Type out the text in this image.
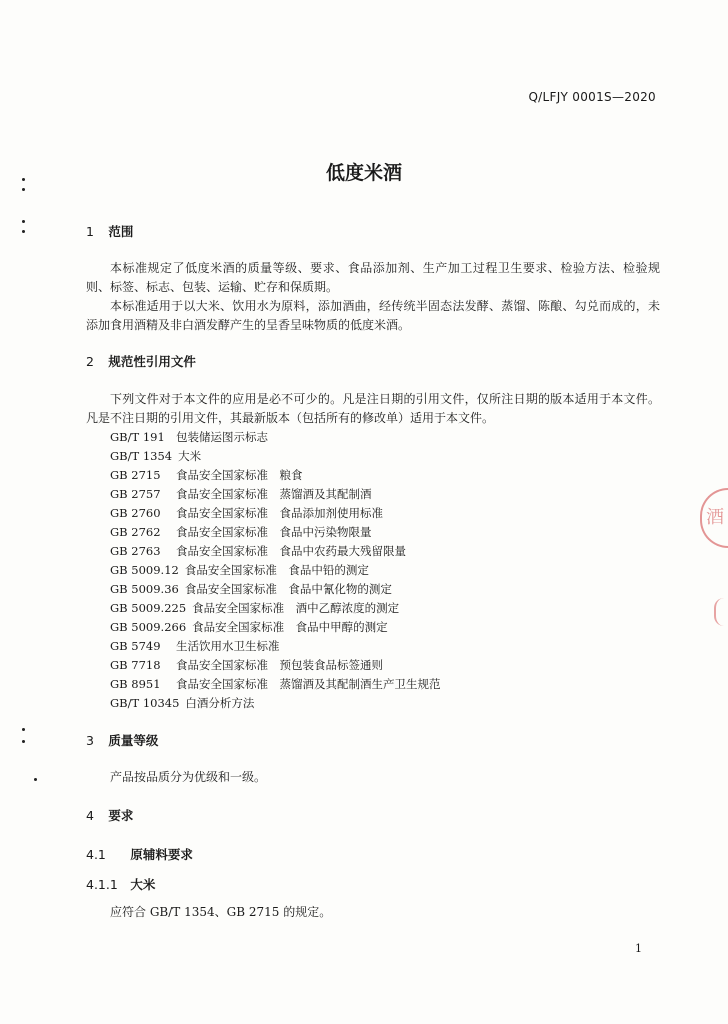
Q/LFJY 0001S—2020
低度米酒
1 范围

本标准规定了低度米酒的质量等级、要求、食品添加剂、生产加工过程卫生要求、检验方法、检验规则、标签、标志、包装、运输、贮存和保质期。

本标准适用于以大米、饮用水为原料，添加酒曲，经传统半固态法发酵、蒸馏、陈酿、勾兑而成的，未添加食用酒精及非白酒发酵产生的呈香呈味物质的低度米酒。

2 规范性引用文件

下列文件对于本文件的应用是必不可少的。凡是注日期的引用文件，仅所注日期的版本适用于本文件。凡是不注日期的引用文件，其最新版本（包括所有的修改单）适用于本文件。

GB/T 191 包装储运图示标志
GB/T 1354 大米
GB 2715 食品安全国家标准　粮食
GB 2757 食品安全国家标准　蒸馏酒及其配制酒
GB 2760 食品安全国家标准　食品添加剂使用标准
GB 2762 食品安全国家标准　食品中污染物限量
GB 2763 食品安全国家标准　食品中农药最大残留限量
GB 5009.12 食品安全国家标准　食品中铅的测定
GB 5009.36 食品安全国家标准　食品中氰化物的测定
GB 5009.225 食品安全国家标准　酒中乙醇浓度的测定
GB 5009.266 食品安全国家标准　食品中甲醇的测定
GB 5749 生活饮用水卫生标准
GB 7718 食品安全国家标准　预包装食品标签通则
GB 8951 食品安全国家标准　蒸馏酒及其配制酒生产卫生规范
GB/T 10345 白酒分析方法
3 质量等级

产品按品质分为优级和一级。

4 要求
4.1 原辅料要求
4.1.1 大米

应符合 GB/T 1354、GB 2715 的规定。

1
酒
